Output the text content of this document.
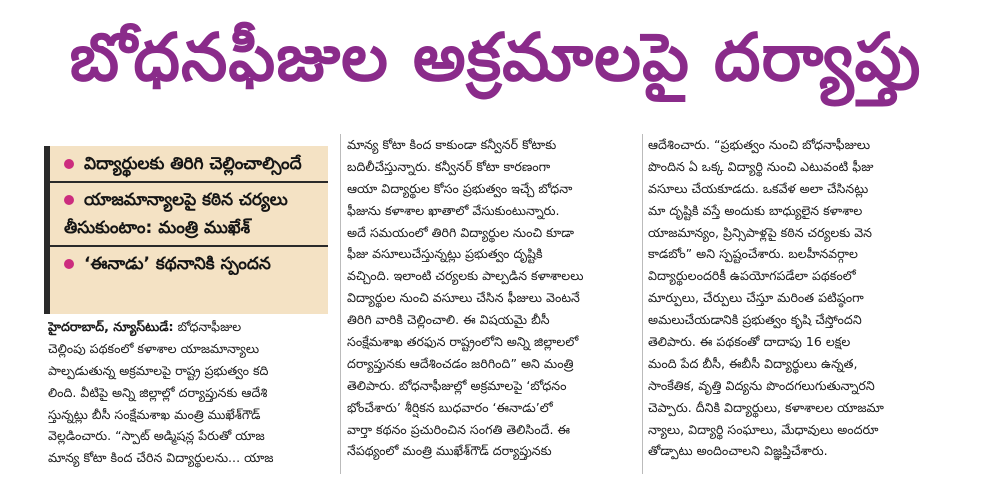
బోధనఫీజుల అక్రమాలపై దర్యాప్తు
విద్యార్థులకు తిరిగి చెల్లించాల్సిందే
యాజమాన్యాలపై కఠిన చర్యలు
తీసుకుంటాం: మంత్రి ముఖేశ్
‘ఈనాడు’ కథనానికి స్పందన
హైదరాబాద్, న్యూస్‌టుడే: బోధనాఫీజుల
చెల్లింపు పథకంలో కళాశాల యాజమాన్యాలు
పాల్పడుతున్న అక్రమాలపై రాష్ట్ర ప్రభుత్వం కది
లింది. వీటిపై అన్ని జిల్లాల్లో దర్యాప్తునకు ఆదేశి
స్తున్నట్లు బీసీ సంక్షేమశాఖ మంత్రి ముఖేశ్‌గౌడ్
వెల్లడించారు. “స్పాట్ అడ్మిషన్ల పేరుతో యాజ
మాన్య కోటా కింద చేరిన విద్యార్థులను... యాజ
మాన్య కోటా కింద కాకుండా కన్వీనర్ కోటాకు
బదిలీచేస్తున్నారు. కన్వీనర్ కోటా కారణంగా
ఆయా విద్యార్థుల కోసం ప్రభుత్వం ఇచ్చే బోధనా
ఫీజును కళాశాల ఖాతాలో వేసుకుంటున్నారు.
అదే సమయంలో తిరిగి విద్యార్థుల నుంచి కూడా
ఫీజు వసూలుచేస్తున్నట్లు ప్రభుత్వం దృష్టికి
వచ్చింది. ఇలాంటి చర్యలకు పాల్పడిన కళాశాలలు
విద్యార్థుల నుంచి వసూలు చేసిన ఫీజులు వెంటనే
తిరిగి వారికి చెల్లించాలి. ఈ విషయమై బీసీ
సంక్షేమశాఖ తరఫున రాష్ట్రంలోని అన్ని జిల్లాలలో
దర్యాప్తునకు ఆదేశించడం జరిగింది” అని మంత్రి
తెలిపారు. బోధనాఫీజుల్లో అక్రమాలపై ‘బోధనం
భోంచేశారు’ శీర్షికన బుధవారం ‘ఈనాడు’లో
వార్తా కథనం ప్రచురించిన సంగతి తెలిసిందే. ఈ
నేపథ్యంలో మంత్రి ముఖేశ్‌గౌడ్ దర్యాప్తునకు
ఆదేశించారు. “ప్రభుత్వం నుంచి బోధనాఫీజులు
పొందిన ఏ ఒక్క విద్యార్థి నుంచి ఎటువంటి ఫీజు
వసూలు చేయకూడదు. ఒకవేళ అలా చేసినట్లు
మా దృష్టికి వస్తే అందుకు బాధ్యులైన కళాశాల
యాజమాన్యం, ప్రిన్సిపాళ్లపై కఠిన చర్యలకు వెన
కాడబోం” అని స్పష్టంచేశారు. బలహీనవర్గాల
విద్యార్థులందరికీ ఉపయోగపడేలా పథకంలో
మార్పులు, చేర్పులు చేస్తూ మరింత పటిష్ఠంగా
అమలుచేయడానికి ప్రభుత్వం కృషి చేస్తోందని
తెలిపారు. ఈ పథకంతో దాదాపు 16 లక్షల
మంది పేద బీసీ, ఈబీసీ విద్యార్థులు ఉన్నత,
సాంకేతిక, వృత్తి విద్యను పొందగలుగుతున్నారని
చెప్పారు. దీనికి విద్యార్థులు, కళాశాలల యాజమా
న్యాలు, విద్యార్థి సంఘాలు, మేధావులు అందరూ
తోడ్పాటు అందించాలని విజ్ఞప్తిచేశారు.
